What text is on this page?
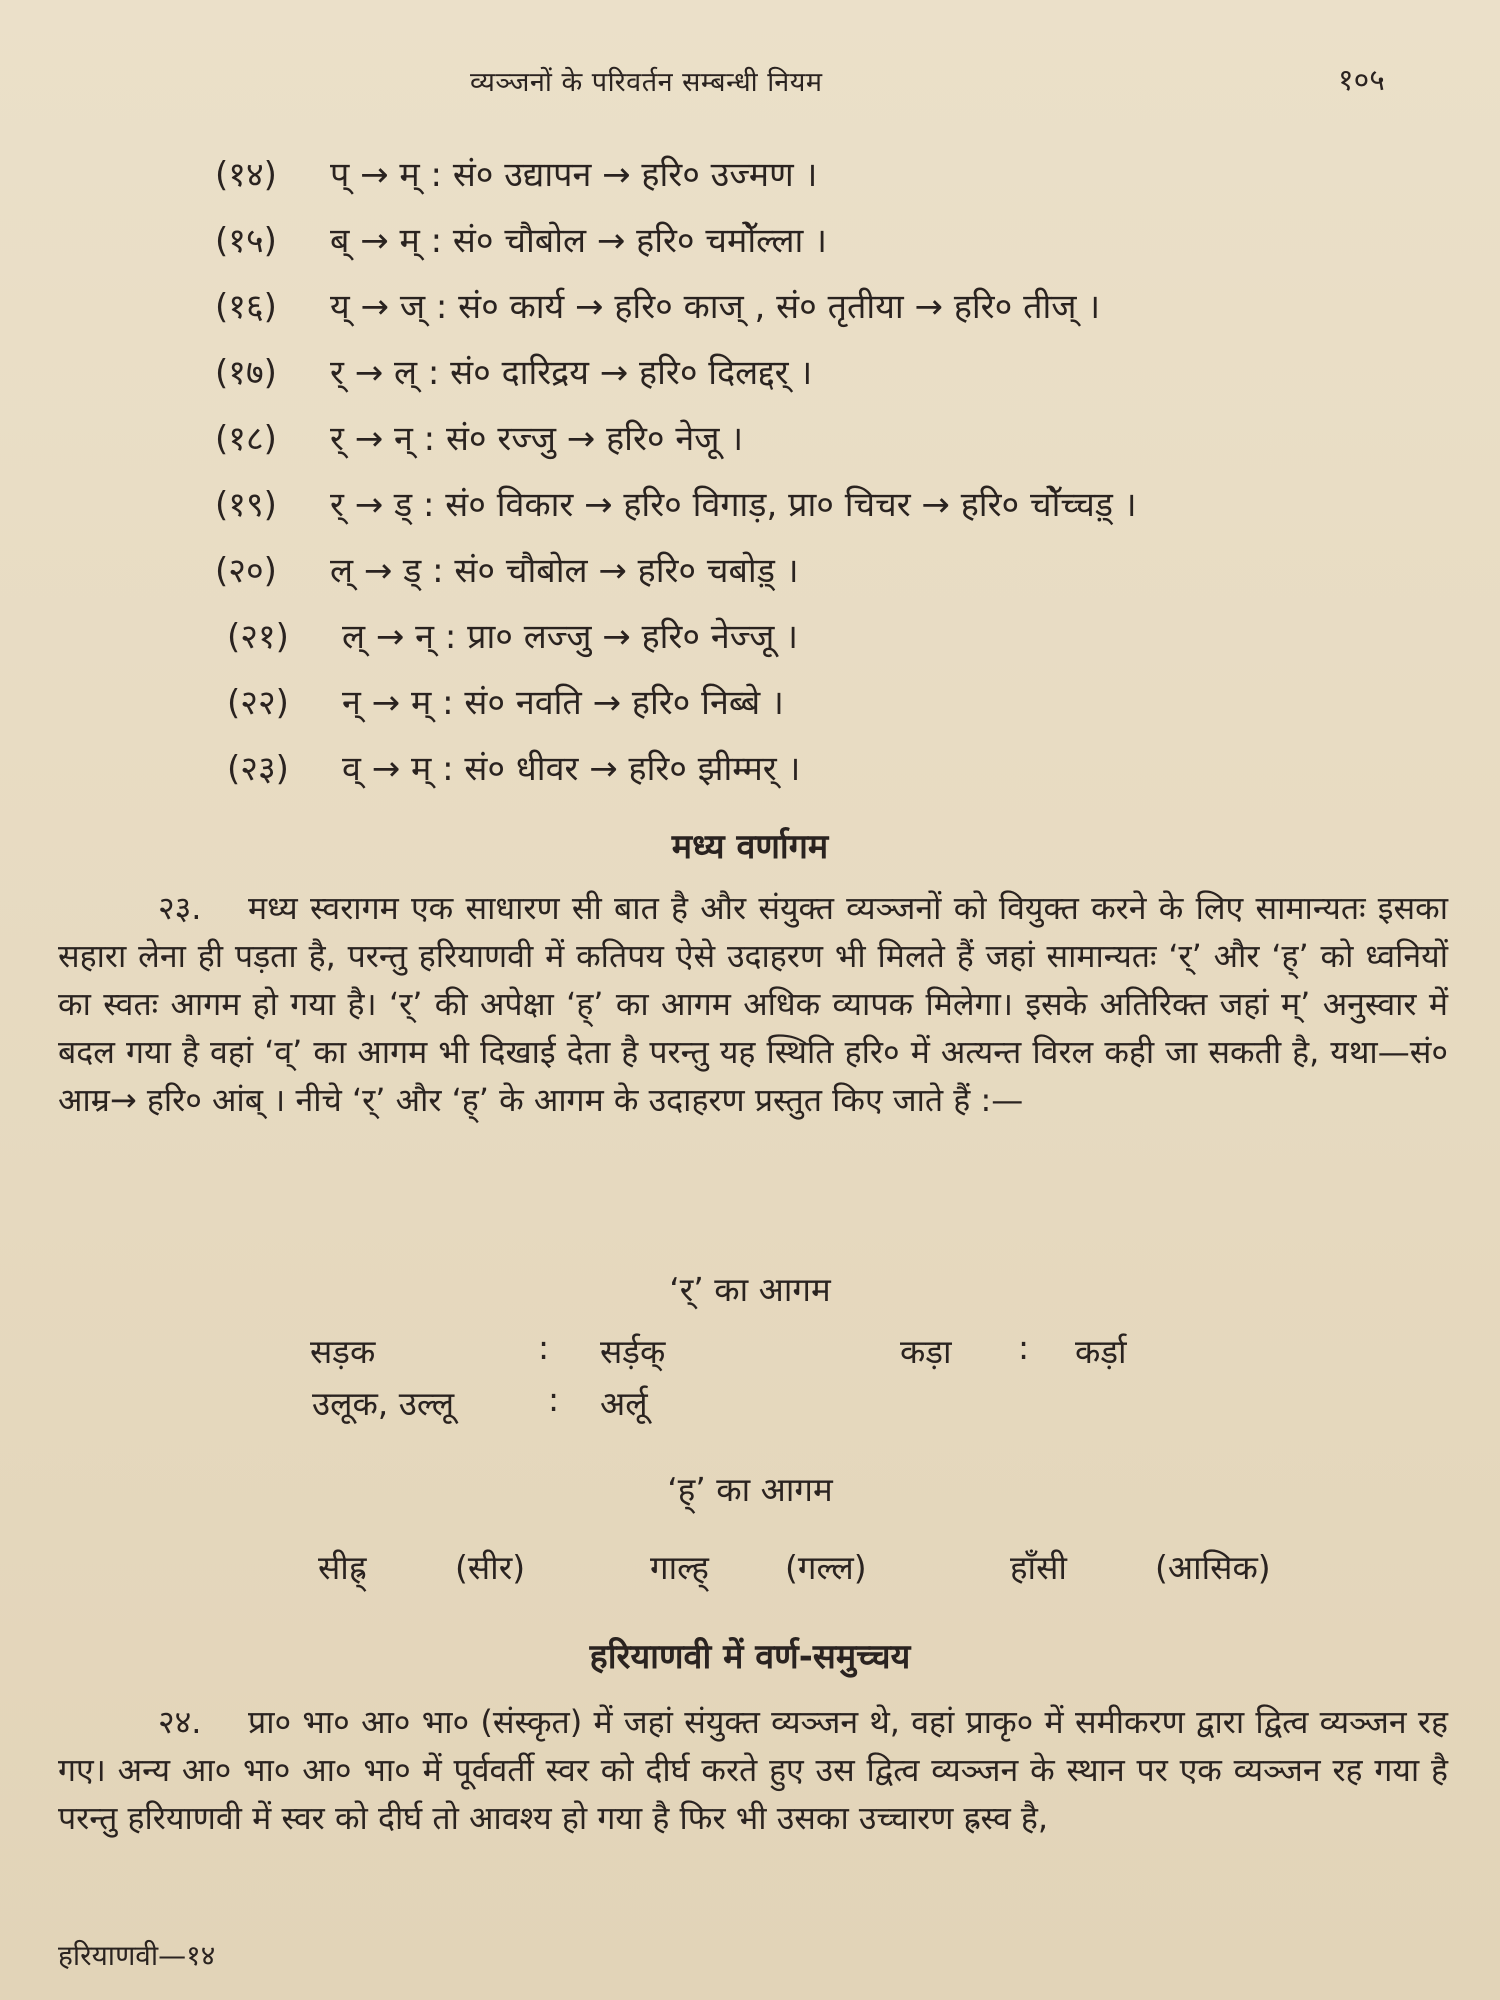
व्यञ्जनों के परिवर्तन सम्बन्धी नियम	१०५
(१४)	प् → म् : सं० उद्यापन → हरि० उज्मण ।
(१५)	ब् → म् : सं० चौबोल → हरि० चमोॅल्ला ।
(१६)	य् → ज् : सं० कार्य → हरि० काज् , सं० तृतीया → हरि० तीज् ।
(१७)	र् → ल् : सं० दारिद्रय → हरि० दिलद्दर् ।
(१८)	र् → न् : सं० रज्जु → हरि० नेजू ।
(१९)	र् → ड् : सं० विकार → हरि० विगाड़, प्रा० चिचर → हरि० चोॅच्चड़् ।
(२०)	ल् → ड् : सं० चौबोल → हरि० चबोड़् ।
(२१)	ल् → न् : प्रा० लज्जु → हरि० नेज्जू ।
(२२)	न् → म् : सं० नवति → हरि० निब्बे ।
(२३)	व् → म् : सं० धीवर → हरि० झीम्मर् ।
मध्य वर्णागम
२३. मध्य स्वरागम एक साधारण सी बात है और संयुक्त व्यञ्जनों को वियुक्त करने के लिए सामान्यतः इसका सहारा लेना ही पड़ता है, परन्तु हरियाणवी में कतिपय ऐसे उदाहरण भी मिलते हैं जहां सामान्यतः ‘र्’ और ‘ह्’ को ध्वनियों का स्वतः आगम हो गया है। ‘र्’ की अपेक्षा ‘ह्’ का आगम अधिक व्यापक मिलेगा। इसके अतिरिक्त जहां म्’ अनुस्वार में बदल गया है वहां ‘व्’ का आगम भी दिखाई देता है परन्तु यह स्थिति हरि० में अत्यन्त विरल कही जा सकती है, यथा—सं० आम्र→ हरि० आंब् । नीचे ‘र्’ और ‘ह्’ के आगम के उदाहरण प्रस्तुत किए जाते हैं :—
‘र्’ का आगम
सड़क	: सर्ड़क्	कड़ा : कर्ड़ा
उलूक, उल्लू	: अर्लू
‘ह्’ का आगम
सीह्र्	(सीर)	गाल्ह् (गल्ल)	हाँसी	(आसिक)
हरियाणवी में वर्ण-समुच्चय
२४. प्रा० भा० आ० भा० (संस्कृत) में जहां संयुक्त व्यञ्जन थे, वहां प्राकृ० में समीकरण द्वारा द्वित्व व्यञ्जन रह गए। अन्य आ० भा० आ० भा० में पूर्ववर्ती स्वर को दीर्घ करते हुए उस द्वित्व व्यञ्जन के स्थान पर एक व्यञ्जन रह गया है परन्तु हरियाणवी में स्वर को दीर्घ तो आवश्य हो गया है फिर भी उसका उच्चारण ह्रस्व है,
हरियाणवी—१४
